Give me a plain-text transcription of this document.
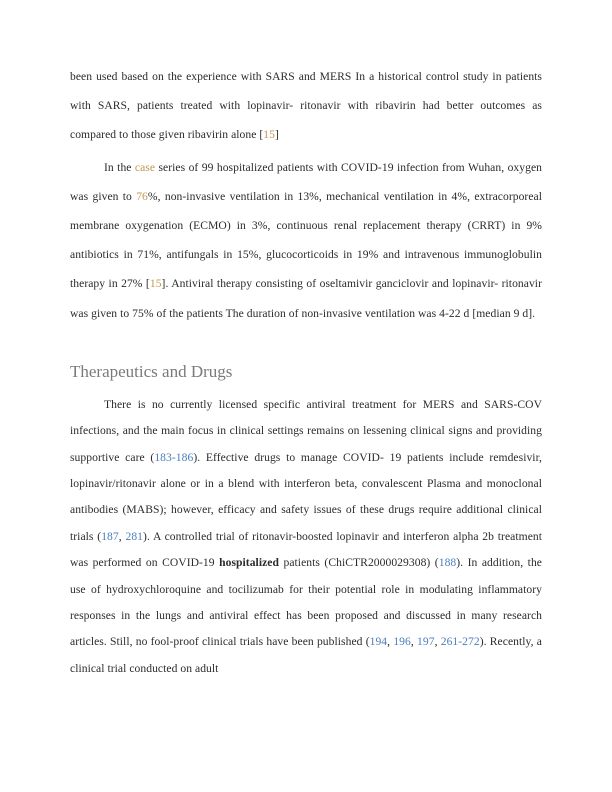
been used based on the experience with SARS and MERS In a historical control study in patients with SARS, patients treated with lopinavir- ritonavir with ribavirin had better outcomes as compared to those given ribavirin alone [15]

In the case series of 99 hospitalized patients with COVID-19 infection from Wuhan, oxygen was given to 76%, non-invasive ventilation in 13%, mechanical ventilation in 4%, extracorporeal membrane oxygenation (ECMO) in 3%, continuous renal replacement therapy (CRRT) in 9% antibiotics in 71%, antifungals in 15%, glucocorticoids in 19% and intravenous immunoglobulin therapy in 27% [15]. Antiviral therapy consisting of oseltamivir ganciclovir and lopinavir- ritonavir was given to 75% of the patients The duration of non-invasive ventilation was 4-22 d [median 9 d].

Therapeutics and Drugs

There is no currently licensed specific antiviral treatment for MERS and SARS-COV infections, and the main focus in clinical settings remains on lessening clinical signs and providing supportive care (183-186). Effective drugs to manage COVID- 19 patients include remdesivir, lopinavir/ritonavir alone or in a blend with interferon beta, convalescent Plasma and monoclonal antibodies (MABS); however, efficacy and safety issues of these drugs require additional clinical trials (187, 281). A controlled trial of ritonavir-boosted lopinavir and interferon alpha 2b treatment was performed on COVID-19 hospitalized patients (ChiCTR2000029308) (188). In addition, the use of hydroxychloroquine and tocilizumab for their potential role in modulating inflammatory responses in the lungs and antiviral effect has been proposed and discussed in many research articles. Still, no fool-proof clinical trials have been published (194, 196, 197, 261-272). Recently, a clinical trial conducted on adult
